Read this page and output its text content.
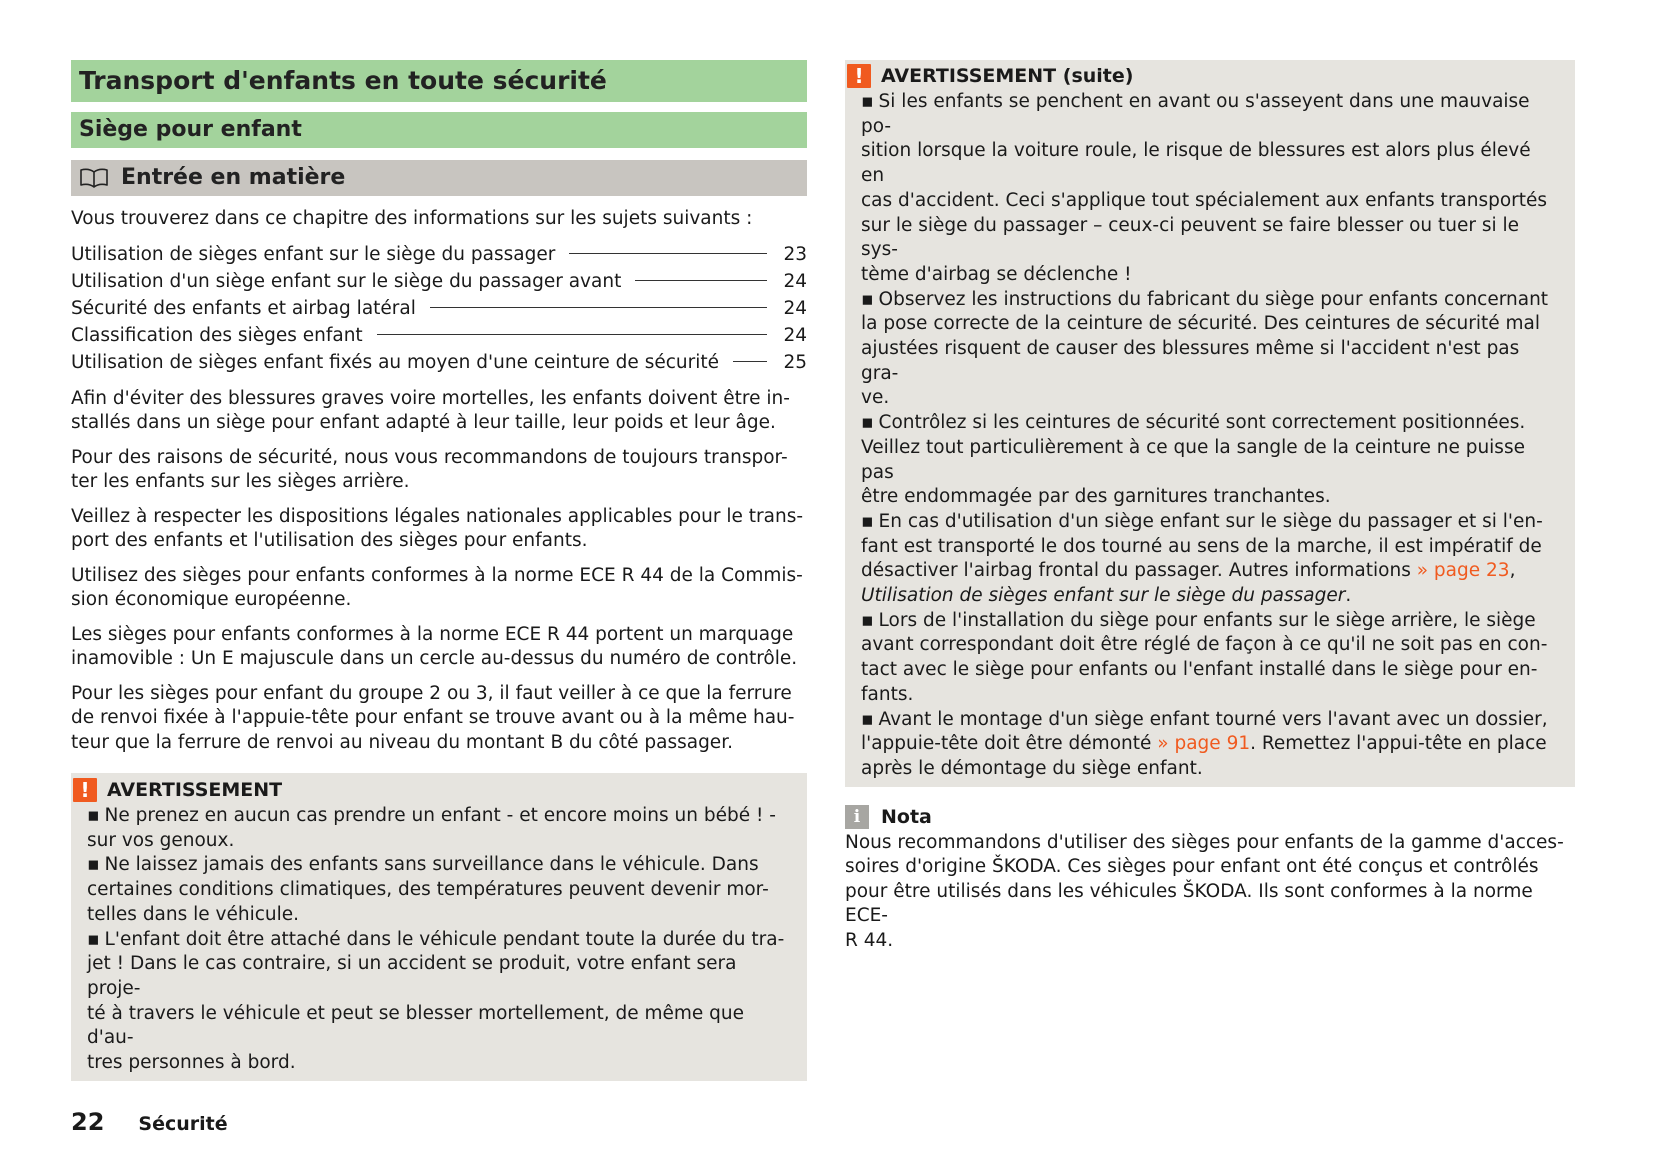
Transport d'enfants en toute sécurité
Siège pour enfant
Entrée en matière

Vous trouverez dans ce chapitre des informations sur les sujets suivants :

Utilisation de sièges enfant sur le siège du passager	23
Utilisation d'un siège enfant sur le siège du passager avant	24
Sécurité des enfants et airbag latéral	24
Classification des sièges enfant	24
Utilisation de sièges enfant fixés au moyen d'une ceinture de sécurité	25
Afin d'éviter des blessures graves voire mortelles, les enfants doivent être in-
stallés dans un siège pour enfant adapté à leur taille, leur poids et leur âge.
Pour des raisons de sécurité, nous vous recommandons de toujours transpor-
ter les enfants sur les sièges arrière.
Veillez à respecter les dispositions légales nationales applicables pour le trans-
port des enfants et l'utilisation des sièges pour enfants.
Utilisez des sièges pour enfants conformes à la norme ECE R 44 de la Commis-
sion économique européenne.
Les sièges pour enfants conformes à la norme ECE R 44 portent un marquage
inamovible : Un E majuscule dans un cercle au-dessus du numéro de contrôle.
Pour les sièges pour enfant du groupe 2 ou 3, il faut veiller à ce que la ferrure
de renvoi fixée à l'appuie-tête pour enfant se trouve avant ou à la même hau-
teur que la ferrure de renvoi au niveau du montant B du côté passager.
! AVERTISSEMENT
▪ Ne prenez en aucun cas prendre un enfant - et encore moins un bébé ! -
sur vos genoux.
▪ Ne laissez jamais des enfants sans surveillance dans le véhicule. Dans
certaines conditions climatiques, des températures peuvent devenir mor-
telles dans le véhicule.
▪ L'enfant doit être attaché dans le véhicule pendant toute la durée du tra-
jet ! Dans le cas contraire, si un accident se produit, votre enfant sera proje-
té à travers le véhicule et peut se blesser mortellement, de même que d'au-
tres personnes à bord.
! AVERTISSEMENT (suite)
▪ Si les enfants se penchent en avant ou s'asseyent dans une mauvaise po-
sition lorsque la voiture roule, le risque de blessures est alors plus élevé en
cas d'accident. Ceci s'applique tout spécialement aux enfants transportés
sur le siège du passager – ceux-ci peuvent se faire blesser ou tuer si le sys-
tème d'airbag se déclenche !
▪ Observez les instructions du fabricant du siège pour enfants concernant
la pose correcte de la ceinture de sécurité. Des ceintures de sécurité mal
ajustées risquent de causer des blessures même si l'accident n'est pas gra-
ve.
▪ Contrôlez si les ceintures de sécurité sont correctement positionnées.
Veillez tout particulièrement à ce que la sangle de la ceinture ne puisse pas
être endommagée par des garnitures tranchantes.
▪ En cas d'utilisation d'un siège enfant sur le siège du passager et si l'en-
fant est transporté le dos tourné au sens de la marche, il est impératif de
désactiver l'airbag frontal du passager. Autres informations » page 23,
Utilisation de sièges enfant sur le siège du passager.
▪ Lors de l'installation du siège pour enfants sur le siège arrière, le siège
avant correspondant doit être réglé de façon à ce qu'il ne soit pas en con-
tact avec le siège pour enfants ou l'enfant installé dans le siège pour en-
fants.
▪ Avant le montage d'un siège enfant tourné vers l'avant avec un dossier,
l'appuie-tête doit être démonté » page 91. Remettez l'appui-tête en place
après le démontage du siège enfant.
i	Nota
Nous recommandons d'utiliser des sièges pour enfants de la gamme d'acces-
soires d'origine ŠKODA. Ces sièges pour enfant ont été conçus et contrôlés
pour être utilisés dans les véhicules ŠKODA. Ils sont conformes à la norme ECE-
R 44.
22 Sécurité
